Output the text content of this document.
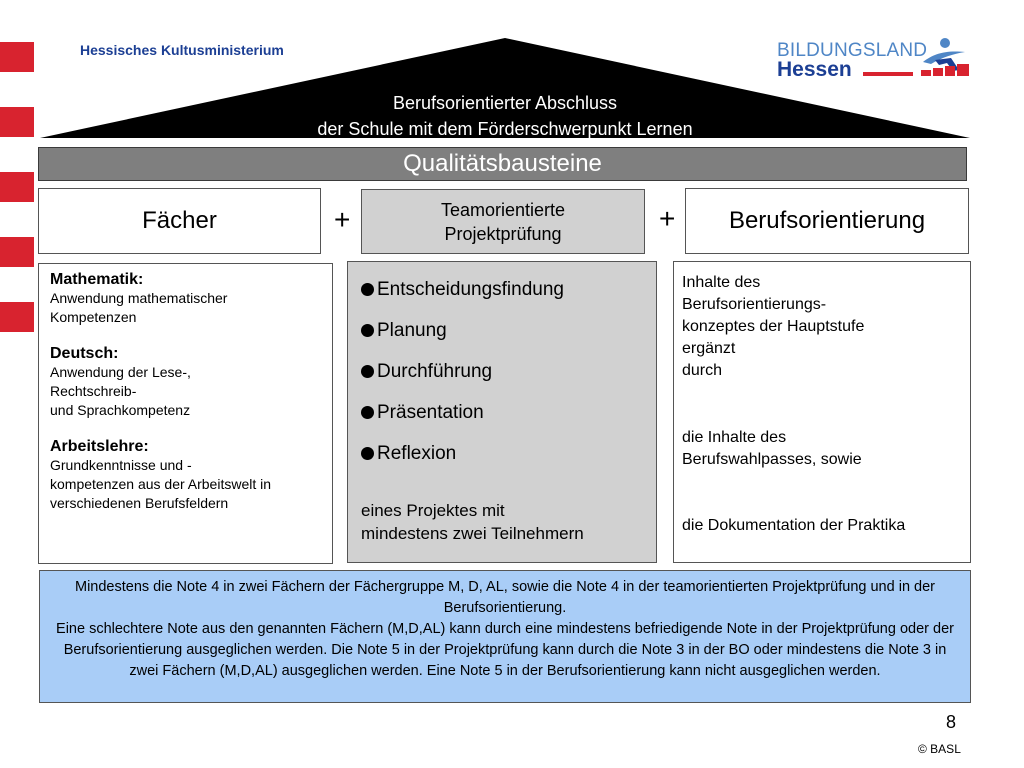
Hessisches Kultusministerium	BILDUNGSLAND
Hessen
Berufsorientierter Abschluss
der Schule mit dem Förderschwerpunkt Lernen
Qualitätsbausteine
Fächer	+	Teamorientierte
Projektprüfung	+ Berufsorientierung
Mathematik:
Anwendung mathematischer
Kompetenzen
Deutsch:
Anwendung der Lese-,
Rechtschreib-
und Sprachkompetenz
Arbeitslehre:
Grundkenntnisse und -
kompetenzen aus der Arbeitswelt in
verschiedenen Berufsfeldern
Entscheidungsfindung
Planung
Durchführung
Präsentation
Reflexion
eines Projektes mit
mindestens zwei Teilnehmern
Inhalte des
Berufsorientierungs-
konzeptes der Hauptstufe
ergänzt
durch
die Inhalte des
Berufswahlpasses, sowie
die Dokumentation der Praktika
Mindestens die Note 4 in zwei Fächern der Fächergruppe M, D, AL, sowie die Note 4 in der teamorientierten Projektprüfung und in der Berufsorientierung.
Eine schlechtere Note aus den genannten Fächern (M,D,AL) kann durch eine mindestens befriedigende Note in der Projektprüfung oder der Berufsorientierung ausgeglichen werden. Die Note 5 in der Projektprüfung kann durch die Note 3 in der BO oder mindestens die Note 3 in zwei Fächern (M,D,AL) ausgeglichen werden. Eine Note 5 in der Berufsorientierung kann nicht ausgeglichen werden.
8
© BASL
